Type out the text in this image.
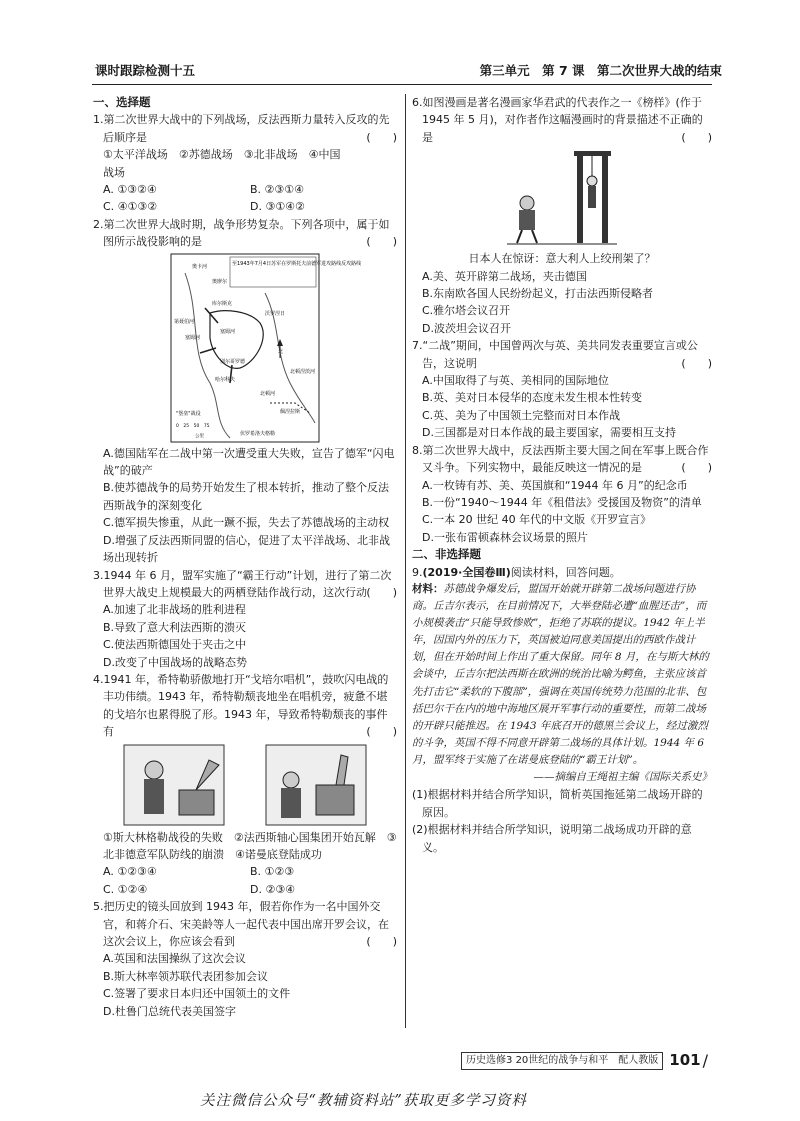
课时跟踪检测十五	第三单元　第 7 课　第二次世界大战的结束
一、选择题
1.第二次世界大战中的下列战场，反法西斯力量转入反攻的先后顺序是	(　　)
①太平洋战场　②苏德战场　③北非战场　④中国
战场
A. ①③②④	B. ②③①④
C. ④①③②	D. ③①④②
2.第二次世界大战时期，战争形势复杂。下列各项中，属于如图所示战役影响的是	(　　)
至1943年7月4日苏军在罗斯托夫前德军进攻路线反攻路线
北
奥卡河
第聂伯河
库尔斯克
塞姆河
奥廖尔
别尔哥罗德
哈尔科夫
沃罗涅日
北顿河
北顿涅茨河
"堡垒"战役
0　25　50　75
公里	伏罗希洛夫格勒
佩涅拉斯
塞姆河
A.德国陆军在二战中第一次遭受重大失败，宣告了德军“闪电战”的破产
B.使苏德战争的局势开始发生了根本转折，推动了整个反法西斯战争的深刻变化
C.德军损失惨重，从此一蹶不振，失去了苏德战场的主动权
D.增强了反法西斯同盟的信心，促进了太平洋战场、北非战场出现转折
3.1944 年 6 月，盟军实施了“霸王行动”计划，进行了第二次世界大战史上规模最大的两栖登陆作战行动，这次行动 (　　)
A.加速了北非战场的胜利进程
B.导致了意大利法西斯的溃灭
C.使法西斯德国处于夹击之中
D.改变了中国战场的战略态势
4.1941 年，希特勒骄傲地打开“戈培尔唱机”，鼓吹闪电战的丰功伟绩。1943 年，希特勒颓丧地坐在唱机旁，疲惫不堪的戈培尔也累得脱了形。1943 年，导致希特勒颓丧的事件有	(　　)
①斯大林格勒战役的失败　②法西斯轴心国集团开始瓦解　③北非德意军队防线的崩溃　④诺曼底登陆成功
A. ①②③④	B. ①②③
C. ①②④	D. ②③④
5.把历史的镜头回放到 1943 年，假若你作为一名中国外交官，和蒋介石、宋美龄等人一起代表中国出席开罗会议，在这次会议上，你应该会看到	(　　)
A.英国和法国操纵了这次会议
B.斯大林率领苏联代表团参加会议
C.签署了要求日本归还中国领土的文件
D.杜鲁门总统代表美国签字
6.如图漫画是著名漫画家华君武的代表作之一《榜样》(作于 1945 年 5 月)，对作者作这幅漫画时的背景描述不正确的是	(　　)
日本人在惊讶：意大利人上绞刑架了？
A.美、英开辟第二战场，夹击德国
B.东南欧各国人民纷纷起义，打击法西斯侵略者
C.雅尔塔会议召开
D.波茨坦会议召开
7.“二战”期间，中国曾两次与英、美共同发表重要宣言或公告，这说明	(　　)
A.中国取得了与英、美相同的国际地位
B.英、美对日本侵华的态度未发生根本性转变
C.英、美为了中国领土完整而对日本作战
D.三国都是对日本作战的最主要国家，需要相互支持
8.第二次世界大战中，反法西斯主要大国之间在军事上既合作又斗争。下列实物中，最能反映这一情况的是	(　　)
A.一枚铸有苏、美、英国旗和“1944 年 6 月”的纪念币
B.一份“1940～1944 年《租借法》受援国及物资”的清单
C.一本 20 世纪 40 年代的中文版《开罗宣言》
D.一张布雷顿森林会议场景的照片
二、非选择题
9.(2019·全国卷Ⅲ)阅读材料，回答问题。
材料：苏德战争爆发后，盟国开始就开辟第二战场问题进行协商。丘吉尔表示，在目前情况下，大举登陆必遭“血腥还击”，而小规模袭击“只能导致惨败”，拒绝了苏联的提议。1942 年上半年，因国内外的压力下，英国被迫同意美国提出的西欧作战计划，但在开始时间上作出了重大保留。同年 8 月，在与斯大林的会谈中，丘吉尔把法西斯在欧洲的统治比喻为鳄鱼，主张应该首先打击它“柔软的下腹部”，强调在英国传统势力范围的北非、包括巴尔干在内的地中海地区展开军事行动的重要性，而第二战场的开辟只能推迟。在 1943 年底召开的德黑兰会议上，经过激烈的斗争，英国不得不同意开辟第二战场的具体计划。1944 年 6 月，盟军终于实施了在诺曼底登陆的“霸王计划”。
——摘编自王绳祖主编《国际关系史》
(1)根据材料并结合所学知识，简析英国拖延第二战场开辟的原因。
(2)根据材料并结合所学知识，说明第二战场成功开辟的意义。
历史选修3 20世纪的战争与和平　配人教版 101 /
关注微信公众号“教辅资料站”获取更多学习资料
